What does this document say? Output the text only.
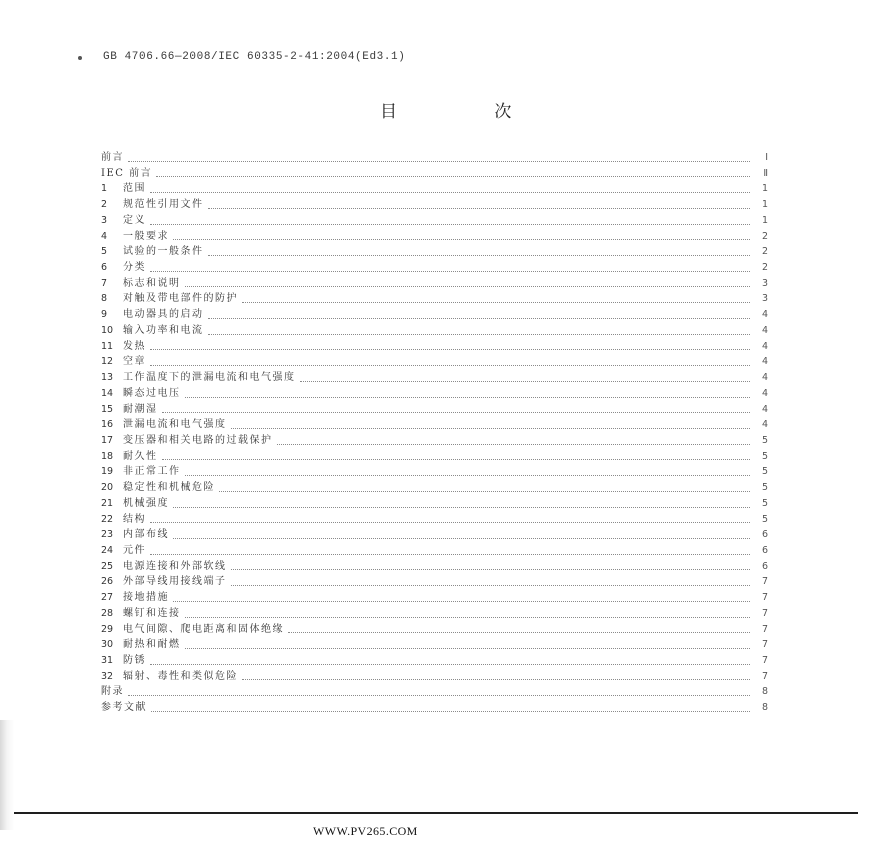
GB 4706.66—2008/IEC 60335-2-41:2004(Ed3.1)
目 次
前言	Ⅰ
IEC 前言	Ⅱ
1	范围	1
2	规范性引用文件	1
3	定义	1
4	一般要求	2
5	试验的一般条件	2
6	分类	2
7	标志和说明	3
8	对触及带电部件的防护	3
9	电动器具的启动	4
10 输入功率和电流	4
11 发热	4
12 空章	4
13 工作温度下的泄漏电流和电气强度	4
14 瞬态过电压	4
15 耐潮湿	4
16 泄漏电流和电气强度	4
17 变压器和相关电路的过载保护	5
18 耐久性	5
19 非正常工作	5
20 稳定性和机械危险	5
21 机械强度	5
22 结构	5
23 内部布线	6
24 元件	6
25 电源连接和外部软线	6
26 外部导线用接线端子	7
27 接地措施	7
28 螺钉和连接	7
29 电气间隙、爬电距离和固体绝缘	7
30 耐热和耐燃	7
31 防锈	7
32 辐射、毒性和类似危险	7
附录	8
参考文献	8
WWW.PV265.COM
